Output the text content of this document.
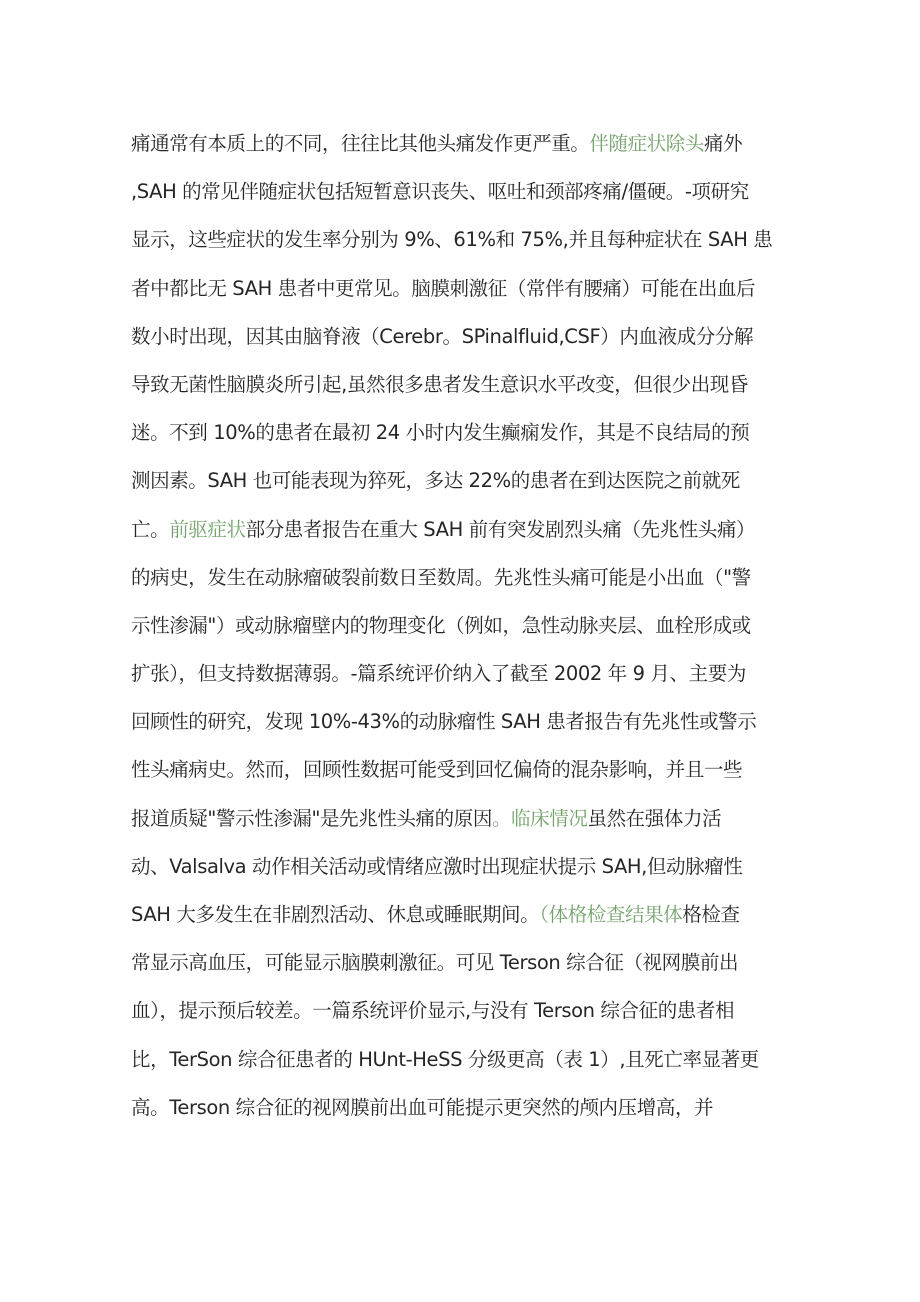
痛通常有本质上的不同，往往比其他头痛发作更严重。伴随症状除头痛外
,SAH 的常见伴随症状包括短暂意识丧失、呕吐和颈部疼痛/僵硬。-项研究
显示，这些症状的发生率分别为 9%、61%和 75%,并且每种症状在 SAH 患
者中都比无 SAH 患者中更常见。脑膜刺激征（常伴有腰痛）可能在出血后
数小时出现，因其由脑脊液（Cerebr。SPinalfluid,CSF）内血液成分分解
导致无菌性脑膜炎所引起,虽然很多患者发生意识水平改变，但很少出现昏
迷。不到 10%的患者在最初 24 小时内发生癫痫发作，其是不良结局的预
测因素。SAH 也可能表现为猝死，多达 22%的患者在到达医院之前就死
亡。前驱症状部分患者报告在重大 SAH 前有突发剧烈头痛（先兆性头痛）
的病史，发生在动脉瘤破裂前数日至数周。先兆性头痛可能是小出血（"警
示性渗漏"）或动脉瘤壁内的物理变化（例如，急性动脉夹层、血栓形成或
扩张），但支持数据薄弱。-篇系统评价纳入了截至 2002 年 9 月、主要为
回顾性的研究，发现 10%-43%的动脉瘤性 SAH 患者报告有先兆性或警示
性头痛病史。然而，回顾性数据可能受到回忆偏倚的混杂影响，并且一些
报道质疑"警示性渗漏"是先兆性头痛的原因。临床情况虽然在强体力活
动、Valsalva 动作相关活动或情绪应激时出现症状提示 SAH,但动脉瘤性
SAH 大多发生在非剧烈活动、休息或睡眠期间。（体格检查结果体格检查
常显示高血压，可能显示脑膜刺激征。可见 Terson 综合征（视网膜前出
血），提示预后较差。一篇系统评价显示,与没有 Terson 综合征的患者相
比，TerSon 综合征患者的 HUnt-HeSS 分级更高（表 1）,且死亡率显著更
高。Terson 综合征的视网膜前出血可能提示更突然的颅内压增高，并
